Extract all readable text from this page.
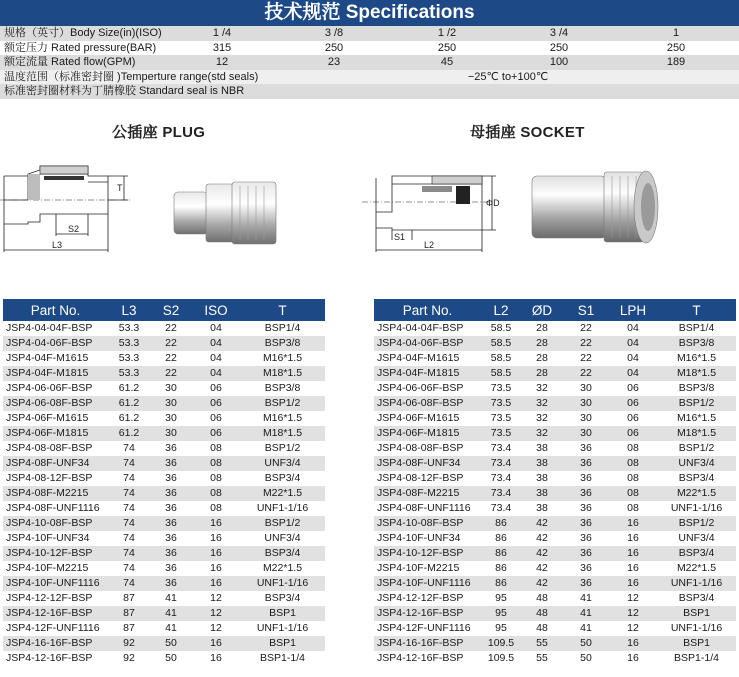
技术规范 Specifications
规格（英寸）Body Size(in)(ISO)	1 /4	3 /8	1 /2	3 /4	1
额定压力 Rated pressure(BAR)	315	250	250	250	250
额定流量 Rated flow(GPM)	12	23	45	100	189
温度范围（标准密封圈 )Temperture range(std seals)	−25℃ to+100℃
标准密封圈材料为丁腈橡胶 Standard seal is NBR
公插座 PLUG	母插座 SOCKET
T
S2
L3
ΦD
S1
L2
Part No.	L3	S2	ISO	T
JSP4-04-04F-BSP	53.3	22	04	BSP1/4
JSP4-04-06F-BSP	53.3	22	04	BSP3/8
JSP4-04F-M1615	53.3	22	04	M16*1.5
JSP4-04F-M1815	53.3	22	04	M18*1.5
JSP4-06-06F-BSP	61.2	30	06	BSP3/8
JSP4-06-08F-BSP	61.2	30	06	BSP1/2
JSP4-06F-M1615	61.2	30	06	M16*1.5
JSP4-06F-M1815	61.2	30	06	M18*1.5
JSP4-08-08F-BSP	74	36	08	BSP1/2
JSP4-08F-UNF34	74	36	08	UNF3/4
JSP4-08-12F-BSP	74	36	08	BSP3/4
JSP4-08F-M2215	74	36	08	M22*1.5
JSP4-08F-UNF1116	74	36	08	UNF1-1/16
JSP4-10-08F-BSP	74	36	16	BSP1/2
JSP4-10F-UNF34	74	36	16	UNF3/4
JSP4-10-12F-BSP	74	36	16	BSP3/4
JSP4-10F-M2215	74	36	16	M22*1.5
JSP4-10F-UNF1116	74	36	16	UNF1-1/16
JSP4-12-12F-BSP	87	41	12	BSP3/4
JSP4-12-16F-BSP	87	41	12	BSP1
JSP4-12F-UNF1116	87	41	12	UNF1-1/16
JSP4-16-16F-BSP	92	50	16	BSP1
JSP4-12-16F-BSP	92	50	16	BSP1-1/4
Part No.	L2	ØD	S1	LPH	T
JSP4-04-04F-BSP	58.5	28	22	04	BSP1/4
JSP4-04-06F-BSP	58.5	28	22	04	BSP3/8
JSP4-04F-M1615	58.5	28	22	04	M16*1.5
JSP4-04F-M1815	58.5	28	22	04	M18*1.5
JSP4-06-06F-BSP	73.5	32	30	06	BSP3/8
JSP4-06-08F-BSP	73.5	32	30	06	BSP1/2
JSP4-06F-M1615	73.5	32	30	06	M16*1.5
JSP4-06F-M1815	73.5	32	30	06	M18*1.5
JSP4-08-08F-BSP	73.4	38	36	08	BSP1/2
JSP4-08F-UNF34	73.4	38	36	08	UNF3/4
JSP4-08-12F-BSP	73.4	38	36	08	BSP3/4
JSP4-08F-M2215	73.4	38	36	08	M22*1.5
JSP4-08F-UNF1116	73.4	38	36	08	UNF1-1/16
JSP4-10-08F-BSP	86	42	36	16	BSP1/2
JSP4-10F-UNF34	86	42	36	16	UNF3/4
JSP4-10-12F-BSP	86	42	36	16	BSP3/4
JSP4-10F-M2215	86	42	36	16	M22*1.5
JSP4-10F-UNF1116	86	42	36	16	UNF1-1/16
JSP4-12-12F-BSP	95	48	41	12	BSP3/4
JSP4-12-16F-BSP	95	48	41	12	BSP1
JSP4-12F-UNF1116	95	48	41	12	UNF1-1/16
JSP4-16-16F-BSP	109.5	55	50	16	BSP1
JSP4-12-16F-BSP	109.5	55	50	16	BSP1-1/4
